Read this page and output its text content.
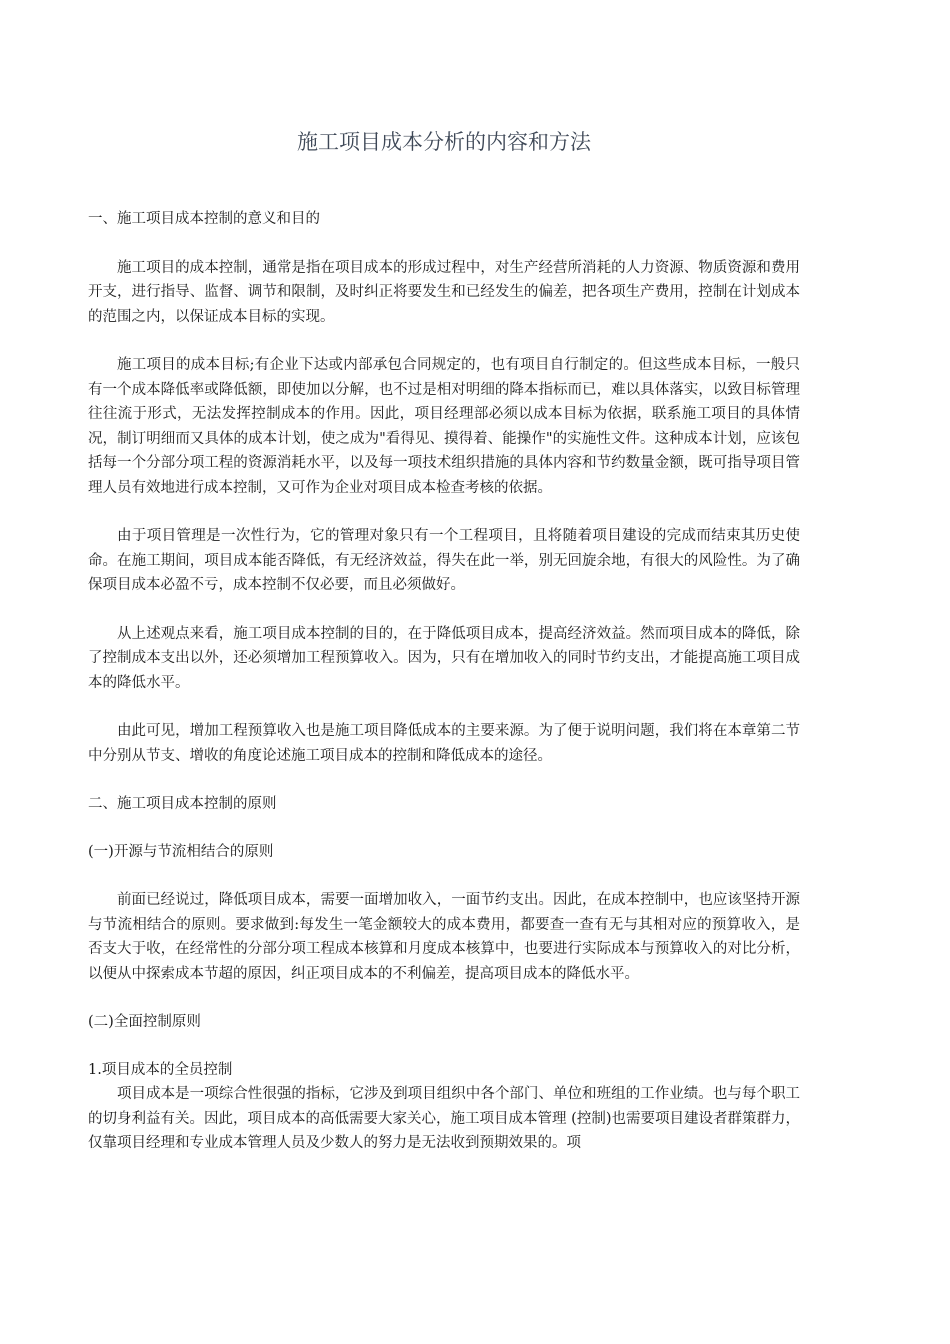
施工项目成本分析的内容和方法

一、施工项目成本控制的意义和目的

施工项目的成本控制，通常是指在项目成本的形成过程中，对生产经营所消耗的人力资源、物质资源和费用开支，进行指导、监督、调节和限制，及时纠正将要发生和已经发生的偏差，把各项生产费用，控制在计划成本的范围之内，以保证成本目标的实现。

施工项目的成本目标;有企业下达或内部承包合同规定的，也有项目自行制定的。但这些成本目标，一般只有一个成本降低率或降低额，即使加以分解，也不过是相对明细的降本指标而已，难以具体落实，以致目标管理往往流于形式，无法发挥控制成本的作用。因此，项目经理部必须以成本目标为依据，联系施工项目的具体情况，制订明细而又具体的成本计划，使之成为"看得见、摸得着、能操作"的实施性文件。这种成本计划，应该包括每一个分部分项工程的资源消耗水平，以及每一项技术组织措施的具体内容和节约数量金额，既可指导项目管理人员有效地进行成本控制，又可作为企业对项目成本检查考核的依据。

由于项目管理是一次性行为，它的管理对象只有一个工程项目，且将随着项目建设的完成而结束其历史使命。在施工期间，项目成本能否降低，有无经济效益，得失在此一举，别无回旋余地，有很大的风险性。为了确保项目成本必盈不亏，成本控制不仅必要，而且必须做好。

从上述观点来看，施工项目成本控制的目的，在于降低项目成本，提高经济效益。然而项目成本的降低，除了控制成本支出以外，还必须增加工程预算收入。因为，只有在增加收入的同时节约支出，才能提高施工项目成本的降低水平。

由此可见，增加工程预算收入也是施工项目降低成本的主要来源。为了便于说明问题，我们将在本章第二节中分别从节支、增收的角度论述施工项目成本的控制和降低成本的途径。

二、施工项目成本控制的原则

(一)开源与节流相结合的原则

前面已经说过，降低项目成本，需要一面增加收入，一面节约支出。因此，在成本控制中，也应该坚持开源与节流相结合的原则。要求做到:每发生一笔金额较大的成本费用，都要查一查有无与其相对应的预算收入，是否支大于收，在经常性的分部分项工程成本核算和月度成本核算中，也要进行实际成本与预算收入的对比分析，以便从中探索成本节超的原因，纠正项目成本的不利偏差，提高项目成本的降低水平。

(二)全面控制原则

1.项目成本的全员控制

项目成本是一项综合性很强的指标，它涉及到项目组织中各个部门、单位和班组的工作业绩。也与每个职工的切身利益有关。因此，项目成本的高低需要大家关心，施工项目成本管理 (控制)也需要项目建设者群策群力，仅靠项目经理和专业成本管理人员及少数人的努力是无法收到预期效果的。项
